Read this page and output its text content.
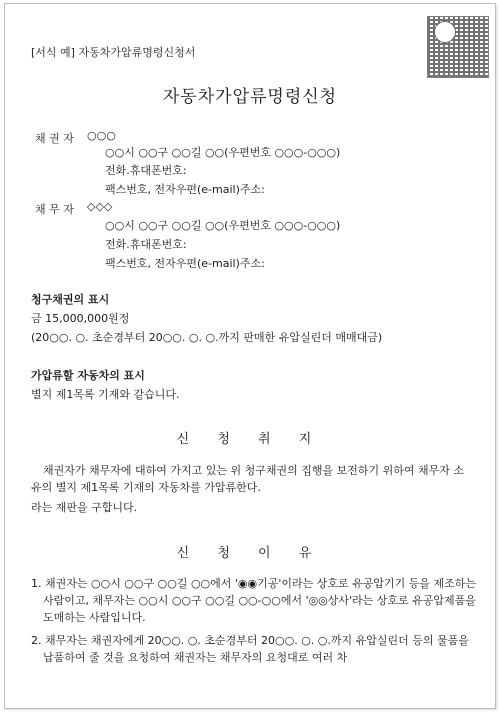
[서식 예] 자동차가압류명령신청서
자동차가압류명령신청
채 권 자 ○○○
○○시 ○○구 ○○길 ○○(우편번호 ○○○-○○○)
전화.휴대폰번호:
팩스번호, 전자우편(e-mail)주소:
채 무 자 ◇◇◇
○○시 ○○구 ○○길 ○○(우편번호 ○○○-○○○)
전화.휴대폰번호:
팩스번호, 전자우편(e-mail)주소:
청구채권의 표시
금 15,000,000원정
(20○○. ○. 초순경부터 20○○. ○. ○.까지 판매한 유압실린더 매매대금)
가압류할 자동차의 표시
별지 제1목록 기재와 같습니다.
신 청 취 지
채권자가 채무자에 대하여 가지고 있는 위 청구채권의 집행을 보전하기 위하여 채무자 소유의 별지 제1목록 기재의 자동차를 가압류한다.
라는 재판을 구합니다.
신 청 이 유
1. 채권자는 ○○시 ○○구 ○○길 ○○에서 '◉◉기공'이라는 상호로 유공압기기 등을 제조하는 사람이고, 채무자는 ○○시 ○○구 ○○길 ○○-○○에서 '◎◎상사'라는 상호로 유공압제품을 도매하는 사람입니다.
2. 채무자는 채권자에게 20○○. ○. 초순경부터 20○○. ○. ○.까지 유압실린더 등의 물품을 납품하여 줄 것을 요청하여 채권자는 채무자의 요청대로 여러 차
